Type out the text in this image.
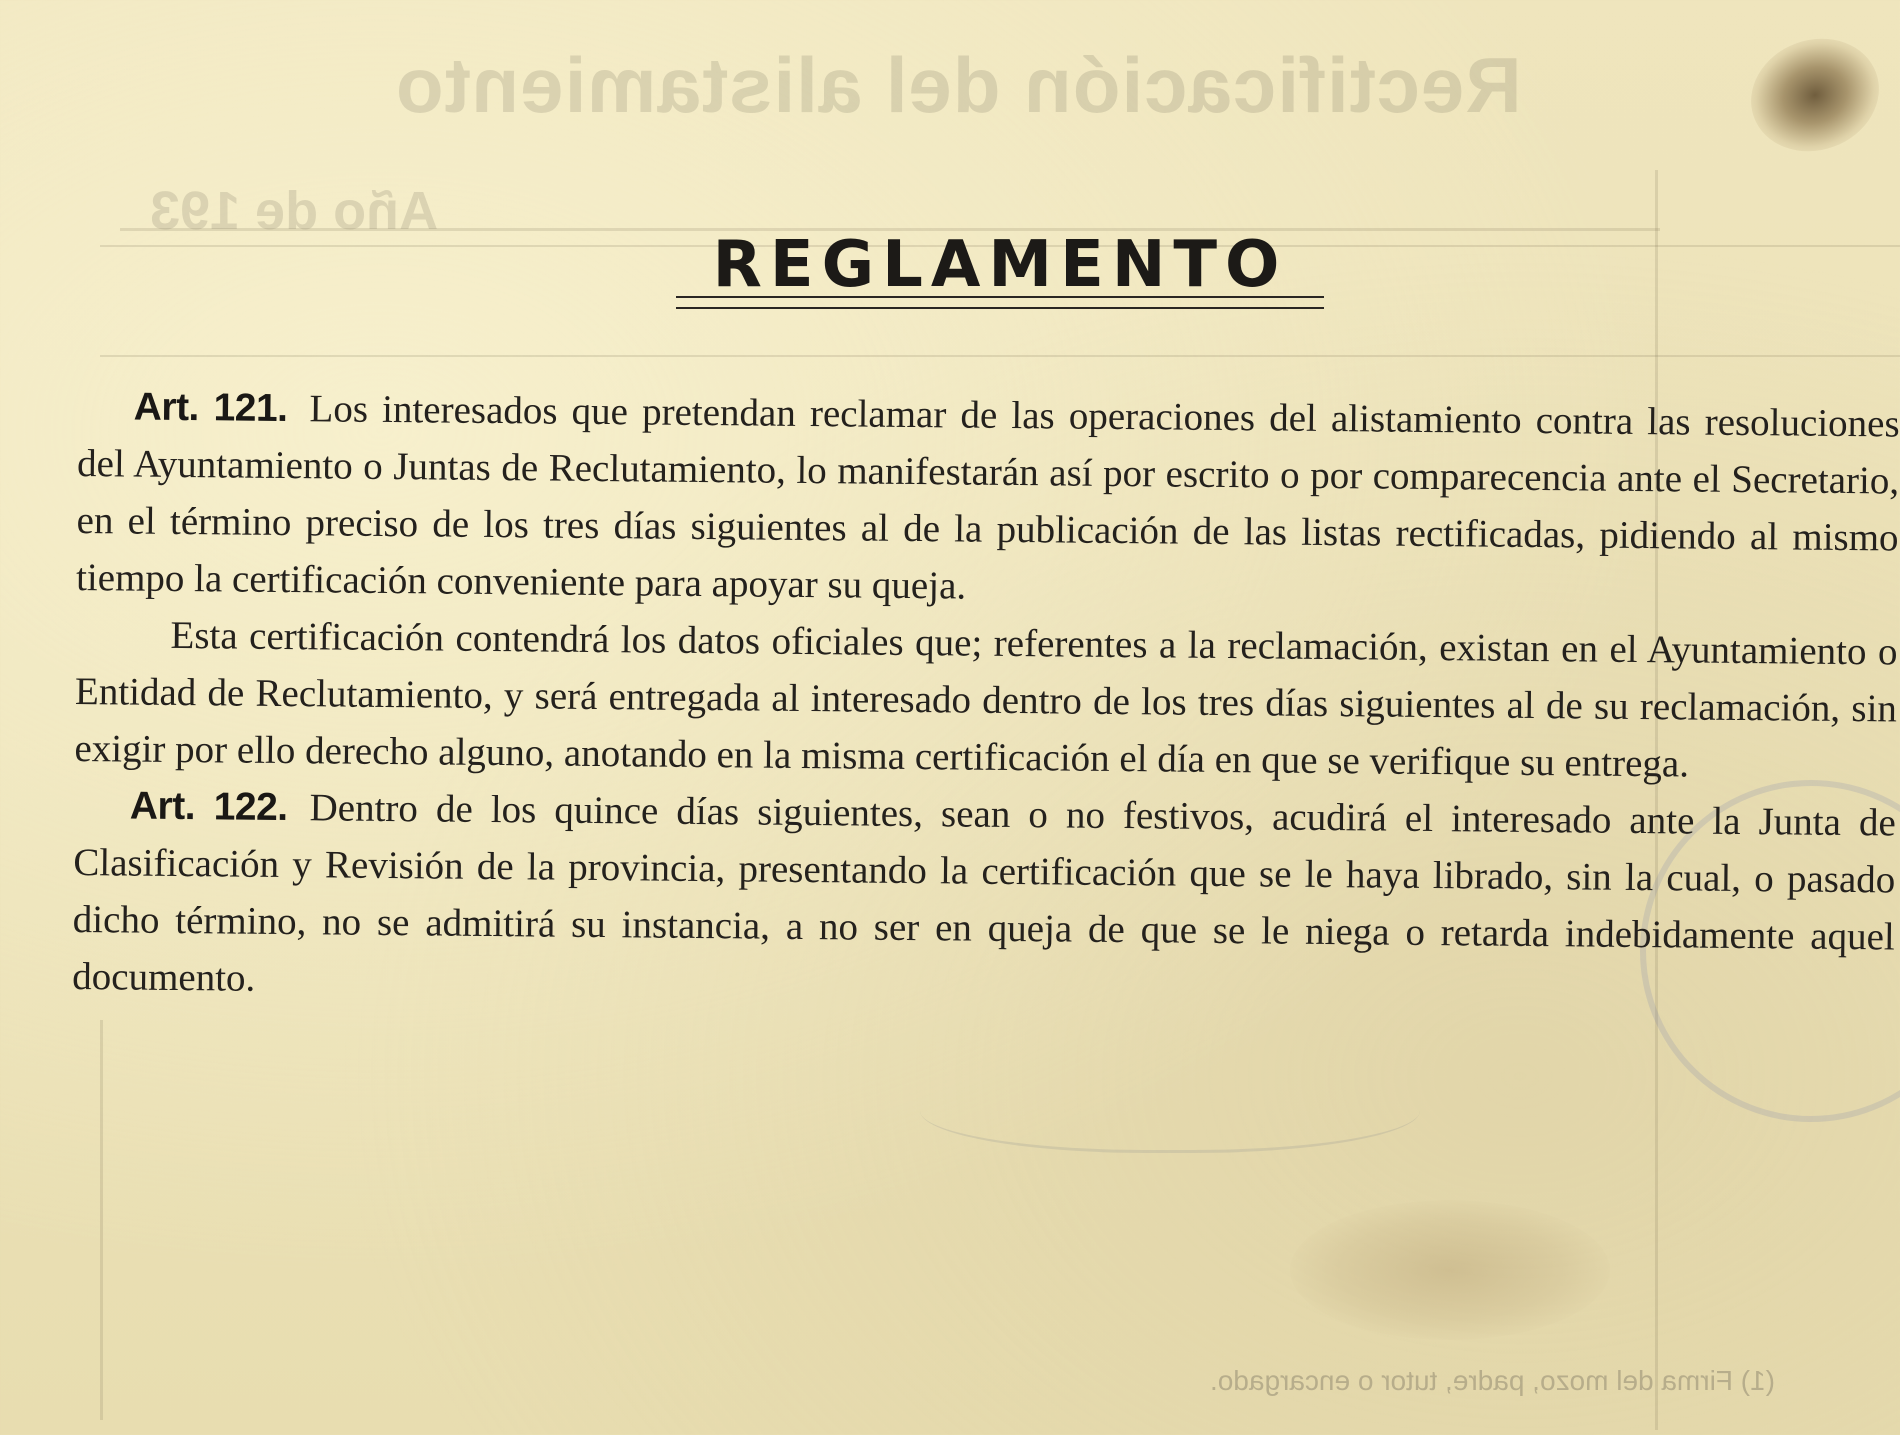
Rectificación del alistamiento
Año de 193
(1) Firma del mozo, padre, tutor o encargado.
REGLAMENTO

Art. 121. Los interesados que pretendan reclamar de las operaciones del alistamiento contra las resoluciones del Ayuntamiento o Juntas de Reclutamiento, lo manifestarán así por escrito o por comparecencia ante el Secretario, en el término preciso de los tres días siguientes al de la publicación de las listas rectificadas, pidiendo al mismo tiempo la certificación conveniente para apoyar su queja.

Esta certificación contendrá los datos oficiales que; referentes a la reclamación, existan en el Ayuntamiento o Entidad de Reclutamiento, y será entregada al interesado dentro de los tres días siguientes al de su reclamación, sin exigir por ello derecho alguno, anotando en la misma certificación el día en que se verifique su entrega.

Art. 122. Dentro de los quince días siguientes, sean o no festivos, acudirá el interesado ante la Junta de Clasificación y Revisión de la provincia, presentando la certificación que se le haya librado, sin la cual, o pasado dicho término, no se admitirá su instancia, a no ser en queja de que se le niega o retarda indebidamente aquel documento.
